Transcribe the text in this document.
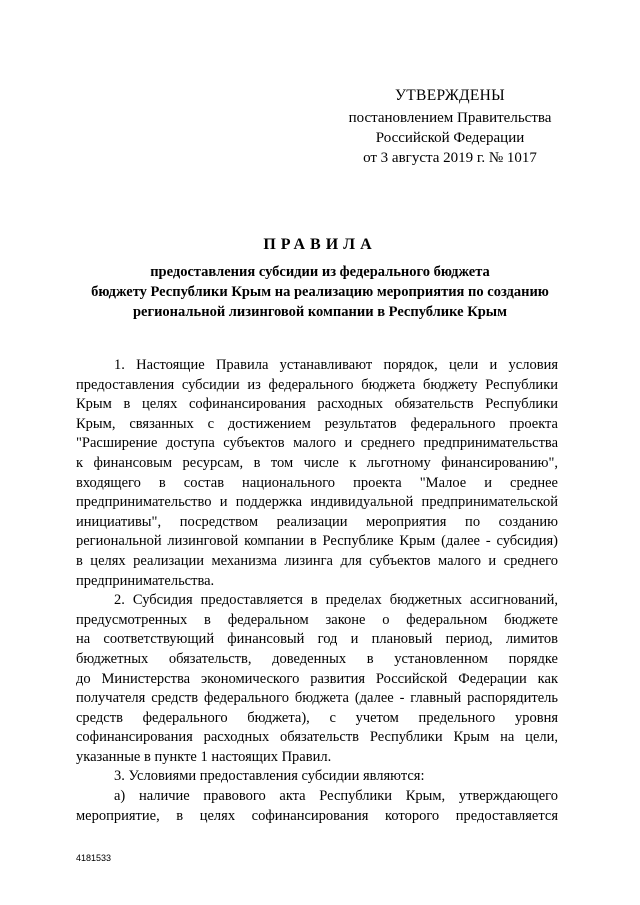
УТВЕРЖДЕНЫ
постановлением Правительства
Российской Федерации
от 3 августа 2019 г. № 1017
ПРАВИЛА
предоставления субсидии из федерального бюджета
бюджету Республики Крым на реализацию мероприятия по созданию
региональной лизинговой компании в Республике Крым
1. Настоящие Правила устанавливают порядок, цели и условия
предоставления субсидии из федерального бюджета бюджету Республики
Крым в целях софинансирования расходных обязательств Республики
Крым, связанных с достижением результатов федерального проекта
"Расширение доступа субъектов малого и среднего предпринимательства
к финансовым ресурсам, в том числе к льготному финансированию",
входящего в состав национального проекта "Малое и среднее
предпринимательство и поддержка индивидуальной предпринимательской
инициативы", посредством реализации мероприятия по созданию
региональной лизинговой компании в Республике Крым (далее - субсидия)
в целях реализации механизма лизинга для субъектов малого и среднего
предпринимательства.
2. Субсидия предоставляется в пределах бюджетных ассигнований,
предусмотренных в федеральном законе о федеральном бюджете
на соответствующий финансовый год и плановый период, лимитов
бюджетных обязательств, доведенных в установленном порядке
до Министерства экономического развития Российской Федерации как
получателя средств федерального бюджета (далее - главный распорядитель
средств федерального бюджета), с учетом предельного уровня
софинансирования расходных обязательств Республики Крым на цели,
указанные в пункте 1 настоящих Правил.
3. Условиями предоставления субсидии являются:
а) наличие правового акта Республики Крым, утверждающего
мероприятие, в целях софинансирования которого предоставляется
4181533
